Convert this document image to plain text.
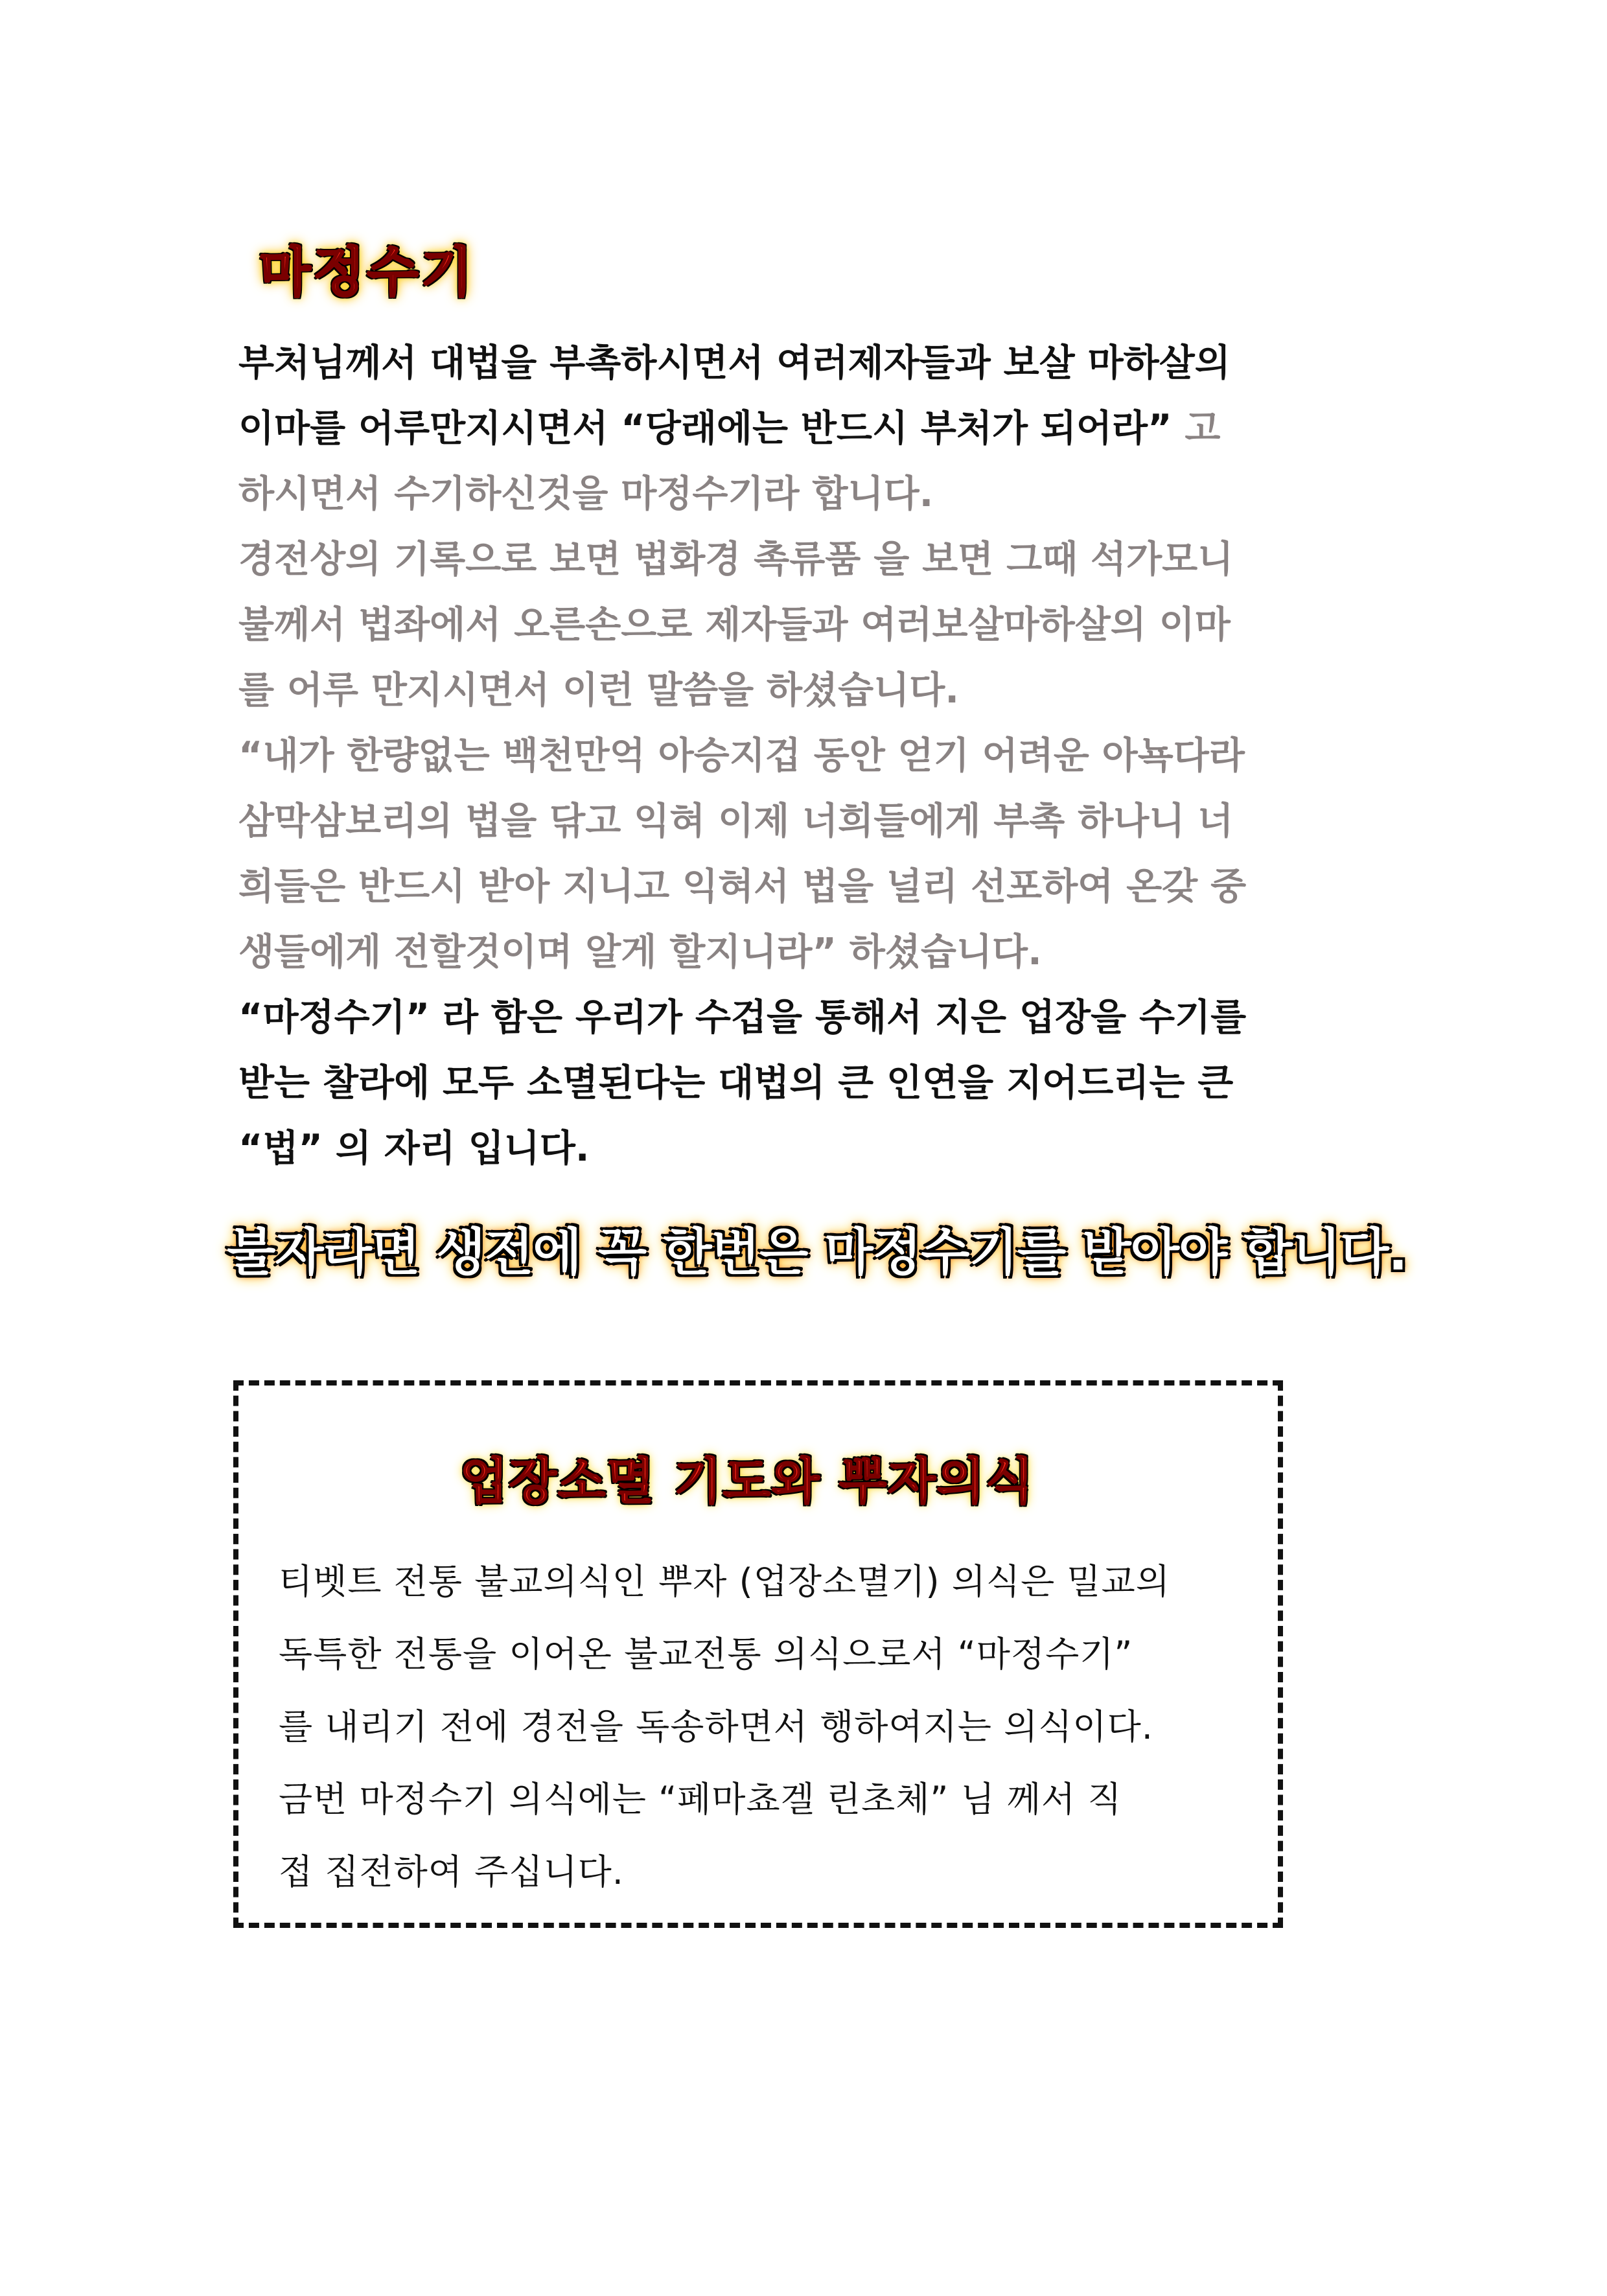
마정수기

부처님께서 대법을 부촉하시면서 여러제자들과 보살 마하살의

이마를 어루만지시면서 “당래에는 반드시 부처가 되어라” 고

하시면서 수기하신것을 마정수기라 합니다.

경전상의 기록으로 보면 법화경 촉류품 을 보면 그때 석가모니

불께서 법좌에서 오른손으로 제자들과 여러보살마하살의 이마

를 어루 만지시면서 이런 말씀을 하셨습니다.

“내가 한량없는 백천만억 아승지겁 동안 얻기 어려운 아뇩다라

삼막삼보리의 법을 닦고 익혀 이제 너희들에게 부촉 하나니 너

희들은 반드시 받아 지니고 익혀서 법을 널리 선포하여 온갖 중

생들에게 전할것이며 알게 할지니라” 하셨습니다.

“마정수기” 라 함은 우리가 수겁을 통해서 지은 업장을 수기를

받는 찰라에 모두 소멸된다는 대법의 큰 인연을 지어드리는 큰

“법” 의 자리 입니다.

불자라면 생전에 꼭 한번은 마정수기를 받아야 합니다.
업장소멸 기도와 뿌자의식

티벳트 전통 불교의식인 뿌자 (업장소멸기) 의식은 밀교의

독특한 전통을 이어온 불교전통 의식으로서 “마정수기”

를 내리기 전에 경전을 독송하면서 행하여지는 의식이다.

금번 마정수기 의식에는 “페마쵸겔 린초체” 님 께서 직

접 집전하여 주십니다.
